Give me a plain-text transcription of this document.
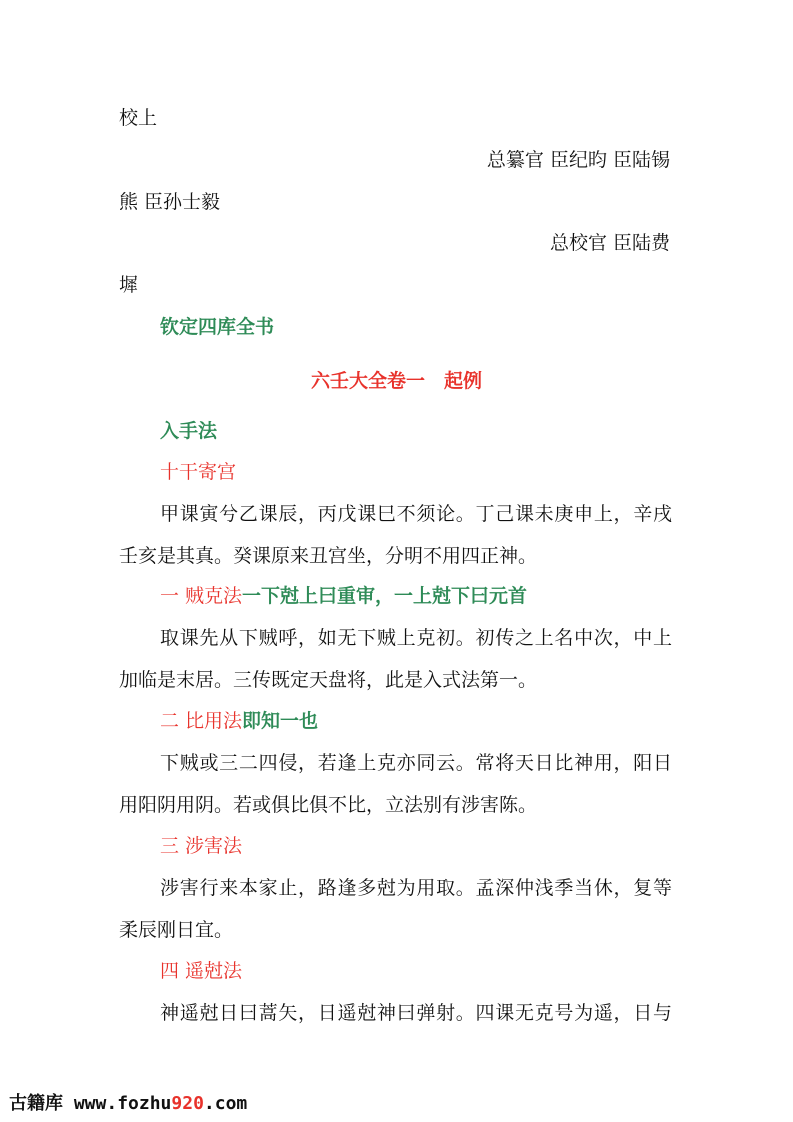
校上

总纂官 臣纪昀 臣陆锡

熊 臣孙士毅

总校官 臣陆费

墀

钦定四库全书

六壬大全卷一　起例

入手法

十干寄宫

甲课寅兮乙课辰，丙戊课巳不须论。丁己课未庚申上，辛戌

壬亥是其真。癸课原来丑宫坐，分明不用四正神。

一 贼克法一下尅上曰重审，一上尅下曰元首

取课先从下贼呼，如无下贼上克初。初传之上名中次，中上

加临是末居。三传既定天盘将，此是入式法第一。

二 比用法即知一也

下贼或三二四侵，若逢上克亦同云。常将天日比神用，阳日

用阳阴用阴。若或俱比俱不比，立法别有涉害陈。

三 涉害法

涉害行来本家止，路逢多尅为用取。孟深仲浅季当休，复等

柔辰刚日宜。

四 遥尅法

神遥尅日曰蒿矢，日遥尅神曰弹射。四课无克号为遥，日与

古籍库 www.fozhu920.com
